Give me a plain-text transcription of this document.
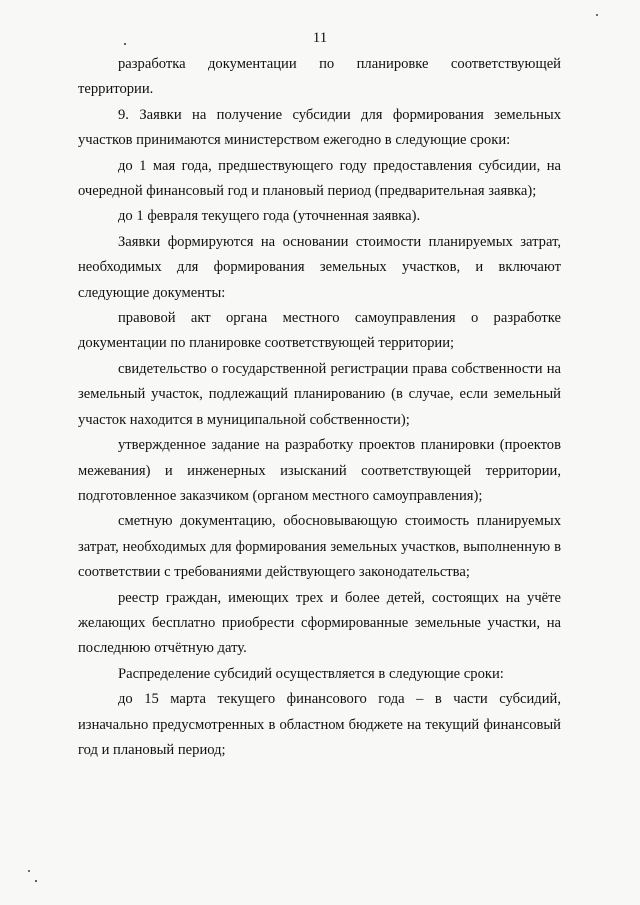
11

разработка документации по планировке соответствующей территории.

9. Заявки на получение субсидии для формирования земельных участков принимаются министерством ежегодно в следующие сроки:

до 1 мая года, предшествующего году предоставления субсидии, на очередной финансовый год и плановый период (предварительная заявка);

до 1 февраля текущего года (уточненная заявка).

Заявки формируются на основании стоимости планируемых затрат, необходимых для формирования земельных участков, и включают следующие документы:

правовой акт органа местного самоуправления о разработке документации по планировке соответствующей территории;

свидетельство о государственной регистрации права собственности на земельный участок, подлежащий планированию (в случае, если земельный участок находится в муниципальной собственности);

утвержденное задание на разработку проектов планировки (проектов межевания) и инженерных изысканий соответствующей территории, подготовленное заказчиком (органом местного самоуправления);

сметную документацию, обосновывающую стоимость планируемых затрат, необходимых для формирования земельных участков, выполненную в соответствии с требованиями действующего законодательства;

реестр граждан, имеющих трех и более детей, состоящих на учёте желающих бесплатно приобрести сформированные земельные участки, на последнюю отчётную дату.

Распределение субсидий осуществляется в следующие сроки:

до 15 марта текущего финансового года – в части субсидий, изначально предусмотренных в областном бюджете на текущий финансовый год и плановый период;
